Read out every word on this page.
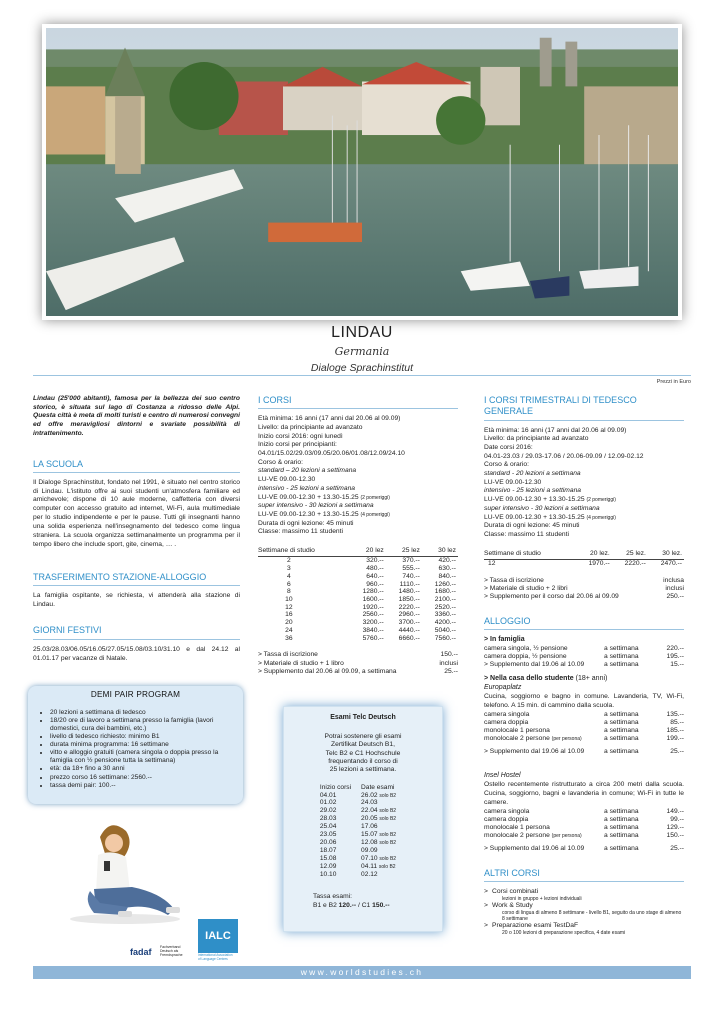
LINDAU
Germania
Dialoge Sprachinstitut
Prezzi in Euro
Lindau (25'000 abitanti), famosa per la bellezza dei suo centro storico, è situata sul lago di Costanza a ridosso delle Alpi. Questa città è meta di molti turisti e centro di numerosi convegni ed offre meravigliosi dintorni e svariate possibilità di intrattenimento.
LA SCUOLA
Il Dialoge Sprachinstitut, fondato nel 1991, è situato nel centro storico di Lindau. L'istituto offre ai suoi studenti un'atmosfera familiare ed amichevole; dispone di 10 aule moderne, caffetteria con diversi computer con accesso gratuito ad internet, Wi-Fi, aula multimediale per lo studio indipendente e per le pause. Tutti gli insegnanti hanno una solida esperienza nell'insegnamento del tedesco come lingua straniera. La scuola organizza settimanalmente un programma per il tempo libero che include sport, gite, cinema, … .
TRASFERIMENTO STAZIONE-ALLOGGIO
La famiglia ospitante, se richiesta, vi attenderà alla stazione di Lindau.
GIORNI FESTIVI
25.03/28.03/06.05/16.05/27.05/15.08/03.10/31.10 e dal 24.12 al 01.01.17 per vacanze di Natale.
DEMI PAIR PROGRAM
• 20 lezioni a settimana di tedesco
• 18/20 ore di lavoro a settimana presso la famiglia (lavori domestici, cura dei bambini, etc.)
• livello di tedesco richiesto: minimo B1
• durata minima programma: 16 settimane
• vitto e alloggio gratuiti (camera singola o doppia presso la famiglia con ½ pensione tutta la settimana)
• età: da 18+ fino a 30 anni
• prezzo corso 16 settimane: 2560.--
• tassa demi pair: 100.--
fadaf Fachverband
Deutsch als Fremdsprache
IALC
International Association
of Language Centres
I CORSI
Età minima: 16 anni (17 anni dal 20.06 al 09.09)
Livello: da principiante ad avanzato
Inizio corsi 2016: ogni lunedì
Inizio corsi per principianti:
04.01/15.02/29.03/09.05/20.06/01.08/12.09/24.10
Corso & orario:
standard – 20 lezioni a settimana
LU-VE 09.00-12.30
intensivo - 25 lezioni a settimana
LU-VE 09.00-12.30 + 13.30-15.25 (2 pomeriggi)
super intensivo - 30 lezioni a settimana
LU-VE 09.00-12.30 + 13.30-15.25 (4 pomeriggi)
Durata di ogni lezione: 45 minuti
Classe: massimo 11 studenti
Settimane di studio	20 lez	25 lez	30 lez
2	320.--	370.--	420.--
3	480.--	555.--	630.--
4	640.--	740.--	840.--
6	960.--	1110.--	1260.--
8	1280.--	1480.--	1680.--
10	1600.--	1850.--	2100.--
12	1920.--	2220.--	2520.--
16	2560.--	2960.--	3360.--
20	3200.--	3700.--	4200.--
24	3840.--	4440.--	5040.--
36	5760.--	6660.--	7560.--
> Tassa di iscrizione	150.--
> Materiale di studio + 1 libro	inclusi
> Supplemento dal 20.06 al 09.09, a settimana	25.--
Esami Telc Deutsch
Potrai sostenere gli esami
Zertifikat Deutsch B1,
Telc B2 e C1 Hochschule
frequentando il corso di
25 lezioni a settimana.
Inizio corsi	Date esami
04.01	26.02 solo B2
01.02	24.03
29.02	22.04 solo B2
28.03	20.05 solo B2
25.04	17.06
23.05	15.07 solo B2
20.06	12.08 solo B2
18.07	09.09
15.08	07.10 solo B2
12.09	04.11 solo B2
10.10	02.12
Tassa esami:
B1 e B2 120.-- / C1 150.--
I CORSI TRIMESTRALI DI TEDESCO GENERALE
Età minima: 16 anni (17 anni dal 20.06 al 09.09)
Livello: da principiante ad avanzato
Date corsi 2016:
04.01-23.03 / 29.03-17.06 / 20.06-09.09 / 12.09-02.12
Corso & orario:
standard - 20 lezioni a settimana
LU-VE 09.00-12.30
intensivo - 25 lezioni a settimana
LU-VE 09.00-12.30 + 13.30-15.25 (2 pomeriggi)
super intensivo - 30 lezioni a settimana
LU-VE 09.00-12.30 + 13.30-15.25 (4 pomeriggi)
Durata di ogni lezione: 45 minuti
Classe: massimo 11 studenti
Settimane di studio	20 lez.	25 lez.	30 lez.
12	1970.--	2220.--	2470.--
> Tassa di iscrizione	inclusa
> Materiale di studio + 2 libri	inclusi
> Supplemento per il corso dal 20.06 al 09.09	250.--
ALLOGGIO
> In famiglia
camera singola, ½ pensione	a settimana	220.--
camera doppia, ½ pensione	a settimana	195.--
> Supplemento dal 19.06 al 10.09	a settimana	15.--
> Nella casa dello studente (18+ anni)
Europaplatz
Cucina, soggiorno e bagno in comune. Lavanderia, TV, Wi-Fi, telefono. A 15 min. di cammino dalla scuola.
camera singola	a settimana	135.--
camera doppia	a settimana	85.--
monolocale 1 persona	a settimana	185.--
monolocale 2 persone (per persona)	a settimana	199.--
> Supplemento dal 19.06 al 10.09	a settimana	25.--
Insel Hostel
Ostello recentemente ristrutturato a circa 200 metri dalla scuola. Cucina, soggiorno, bagni e lavanderia in comune; Wi-Fi in tutte le camere.
camera singola	a settimana	149.--
camera doppia	a settimana	99.--
monolocale 1 persona	a settimana	129.--
monolocale 2 persone (per persona)	a settimana	150.--
> Supplemento dal 19.06 al 10.09	a settimana	25.--
ALTRI CORSI
> Corsi combinati
lezioni in gruppo + lezioni individuali
> Work & Study
corso di lingua di almeno 8 settimane - livello B1, seguito da uno stage di almeno 8 settimane
> Preparazione esami TestDaF
20 o 100 lezioni di preparazione specifica, 4 date esami
www.worldstudies.ch
